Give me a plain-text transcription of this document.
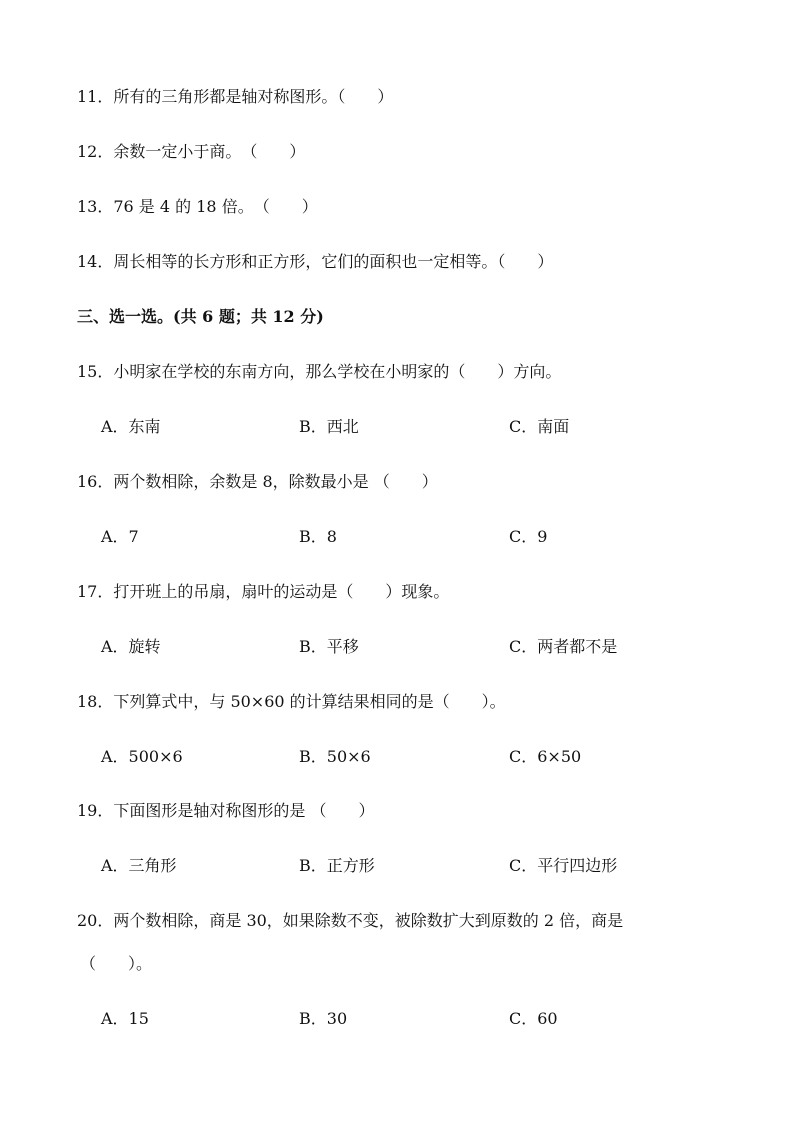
11．所有的三角形都是轴对称图形。（　　）
12．余数一定小于商。　（　　）
13．76 是 4 的 18 倍。　（　　）
14．周长相等的长方形和正方形，它们的面积也一定相等。（　　）
三、选一选。(共 6 题；共 12 分)
15．小明家在学校的东南方向，那么学校在小明家的（　　）方向。
A．东南	B．西北	C．南面
16．两个数相除，余数是 8，除数最小是 （　　）
A．7	B．8	C．9
17．打开班上的吊扇，扇叶的运动是（　　）现象。
A．旋转	B．平移	C．两者都不是
18．下列算式中，与 50×60 的计算结果相同的是（　　）。
A．500×6	B．50×6	C．6×50
19．下面图形是轴对称图形的是 （　　）
A．三角形	B．正方形	C．平行四边形
20．两个数相除，商是 30，如果除数不变，被除数扩大到原数的 2 倍，商是
（　　）。
A．15	B．30	C．60
